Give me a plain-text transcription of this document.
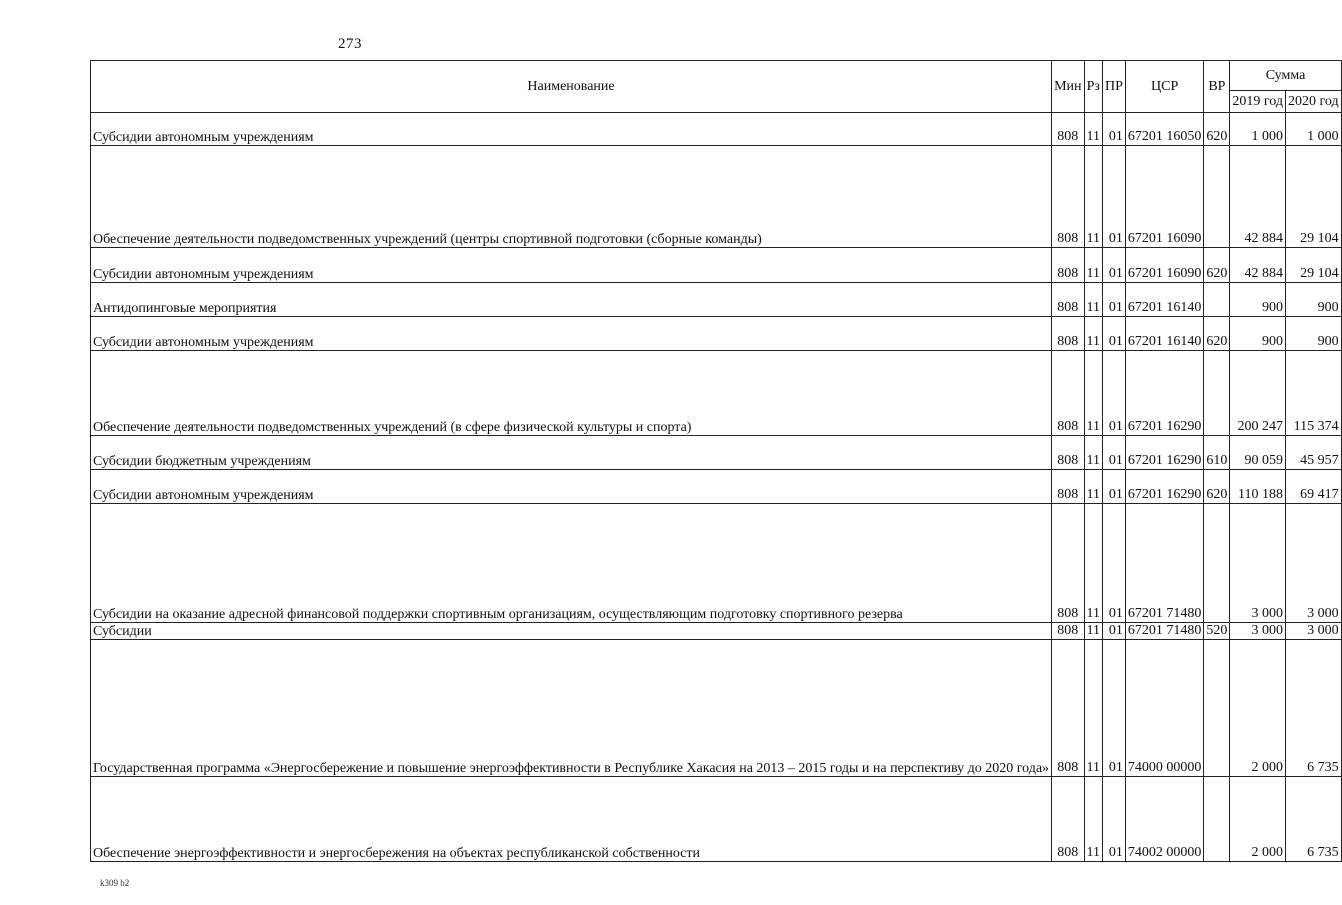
273
Наименование	Мин	Рз	ПР	ЦСР	ВР	Сумма	
						2019 год	2020 год
Субсидии автономным учреждениям	808	11	01	67201 16050	620	1 000	1 000
Обеспечение деятельности подведомственных учреждений (центры спортивной подготовки (сборные команды)	808	11	01	67201 16090		42 884	29 104
Субсидии автономным учреждениям	808	11	01	67201 16090	620	42 884	29 104
Антидопинговые мероприятия	808	11	01	67201 16140		900	900
Субсидии автономным учреждениям	808	11	01	67201 16140	620	900	900
Обеспечение деятельности подведомственных учреждений (в сфере физической культуры и спорта)	808	11	01	67201 16290		200 247	115 374
Субсидии бюджетным учреждениям	808	11	01	67201 16290	610	90 059	45 957
Субсидии автономным учреждениям	808	11	01	67201 16290	620	110 188	69 417
Субсидии на оказание адресной финансовой поддержки спортивным организациям, осуществляющим подготовку спортивного резерва	808	11	01	67201 71480		3 000	3 000
Субсидии	808	11	01	67201 71480	520	3 000	3 000
Государственная программа «Энергосбережение и повышение энергоэффективности в Республике Хакасия на 2013 – 2015 годы и на перспективу до 2020 года»	808	11	01	74000 00000		2 000	6 735
Обеспечение энергоэффективности и энергосбережения на объектах республиканской собственности	808	11	01	74002 00000		2 000	6 735
k309 b2
